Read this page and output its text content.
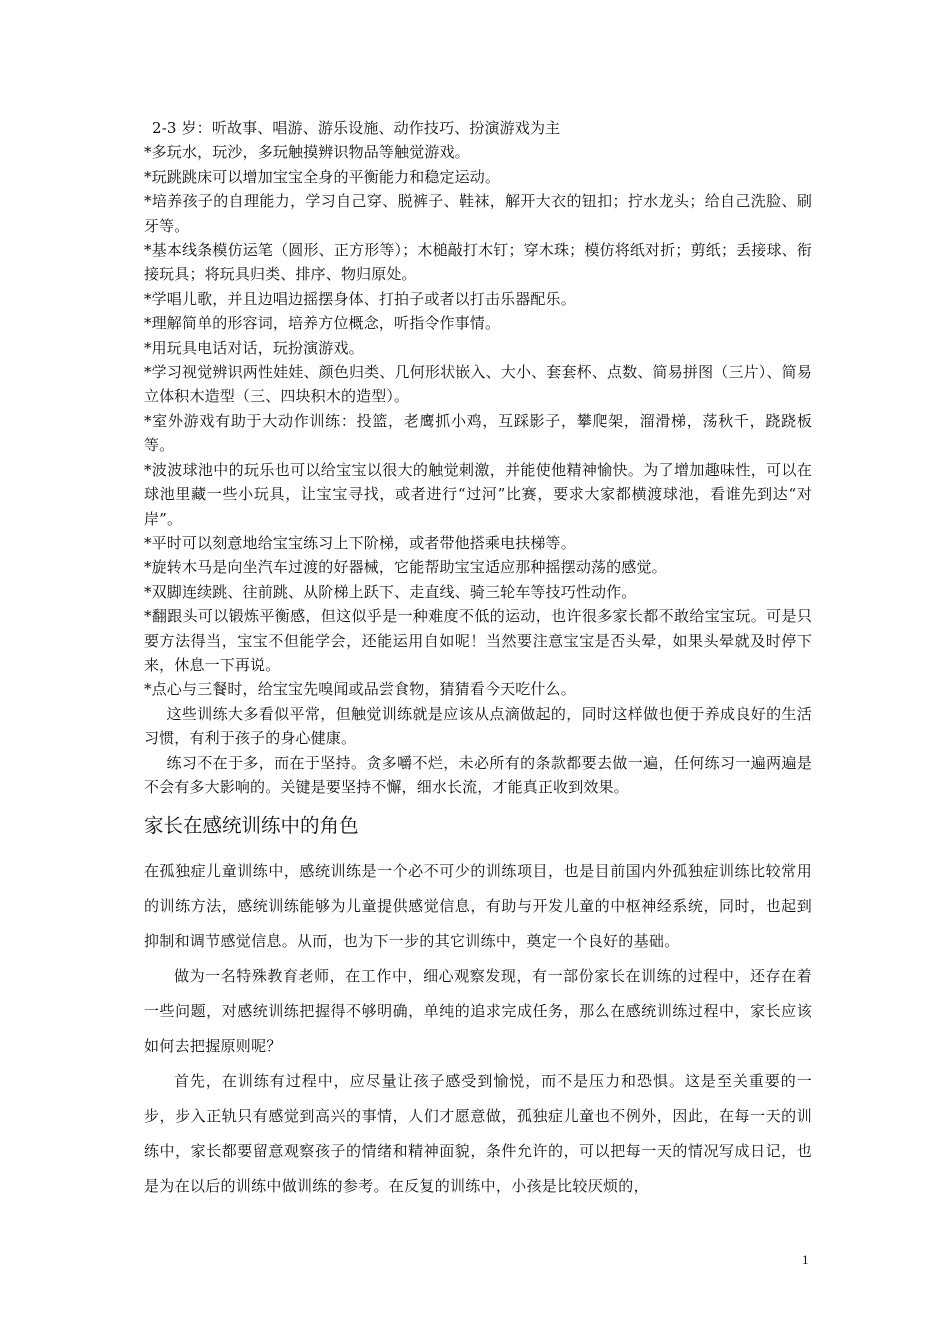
2-3 岁：听故事、唱游、游乐设施、动作技巧、扮演游戏为主

*多玩水，玩沙，多玩触摸辨识物品等触觉游戏。

*玩跳跳床可以增加宝宝全身的平衡能力和稳定运动。

*培养孩子的自理能力，学习自己穿、脱裤子、鞋袜，解开大衣的钮扣；拧水龙头；给自己洗脸、刷牙等。

*基本线条模仿运笔（圆形、正方形等）；木槌敲打木钉；穿木珠；模仿将纸对折；剪纸；丢接球、衔接玩具；将玩具归类、排序、物归原处。

*学唱儿歌，并且边唱边摇摆身体、打拍子或者以打击乐器配乐。

*理解简单的形容词，培养方位概念，听指令作事情。

*用玩具电话对话，玩扮演游戏。

*学习视觉辨识两性娃娃、颜色归类、几何形状嵌入、大小、套套杯、点数、简易拼图（三片）、简易立体积木造型（三、四块积木的造型）。

*室外游戏有助于大动作训练：投篮，老鹰抓小鸡，互踩影子，攀爬架，溜滑梯，荡秋千，跷跷板等。

*波波球池中的玩乐也可以给宝宝以很大的触觉刺激，并能使他精神愉快。为了增加趣味性，可以在球池里藏一些小玩具，让宝宝寻找，或者进行“过河”比赛，要求大家都横渡球池，看谁先到达“对岸”。

*平时可以刻意地给宝宝练习上下阶梯，或者带他搭乘电扶梯等。

*旋转木马是向坐汽车过渡的好器械，它能帮助宝宝适应那种摇摆动荡的感觉。

*双脚连续跳、往前跳、从阶梯上跃下、走直线、骑三轮车等技巧性动作。

*翻跟头可以锻炼平衡感，但这似乎是一种难度不低的运动，也许很多家长都不敢给宝宝玩。可是只要方法得当，宝宝不但能学会，还能运用自如呢！当然要注意宝宝是否头晕，如果头晕就及时停下来，休息一下再说。

*点心与三餐时，给宝宝先嗅闻或品尝食物，猜猜看今天吃什么。

这些训练大多看似平常，但触觉训练就是应该从点滴做起的，同时这样做也便于养成良好的生活习惯，有利于孩子的身心健康。

练习不在于多，而在于坚持。贪多嚼不烂，未必所有的条款都要去做一遍，任何练习一遍两遍是不会有多大影响的。关键是要坚持不懈，细水长流，才能真正收到效果。

家长在感统训练中的角色

在孤独症儿童训练中，感统训练是一个必不可少的训练项目，也是目前国内外孤独症训练比较常用的训练方法，感统训练能够为儿童提供感觉信息，有助与开发儿童的中枢神经系统，同时，也起到抑制和调节感觉信息。从而，也为下一步的其它训练中，奠定一个良好的基础。

做为一名特殊教育老师，在工作中，细心观察发现，有一部份家长在训练的过程中，还存在着一些问题，对感统训练把握得不够明确，单纯的追求完成任务，那么在感统训练过程中，家长应该如何去把握原则呢？

首先，在训练有过程中，应尽量让孩子感受到愉悦，而不是压力和恐惧。这是至关重要的一步，步入正轨只有感觉到高兴的事情，人们才愿意做，孤独症儿童也不例外，因此，在每一天的训练中，家长都要留意观察孩子的情绪和精神面貌，条件允许的，可以把每一天的情况写成日记，也是为在以后的训练中做训练的参考。在反复的训练中，小孩是比较厌烦的，

1
